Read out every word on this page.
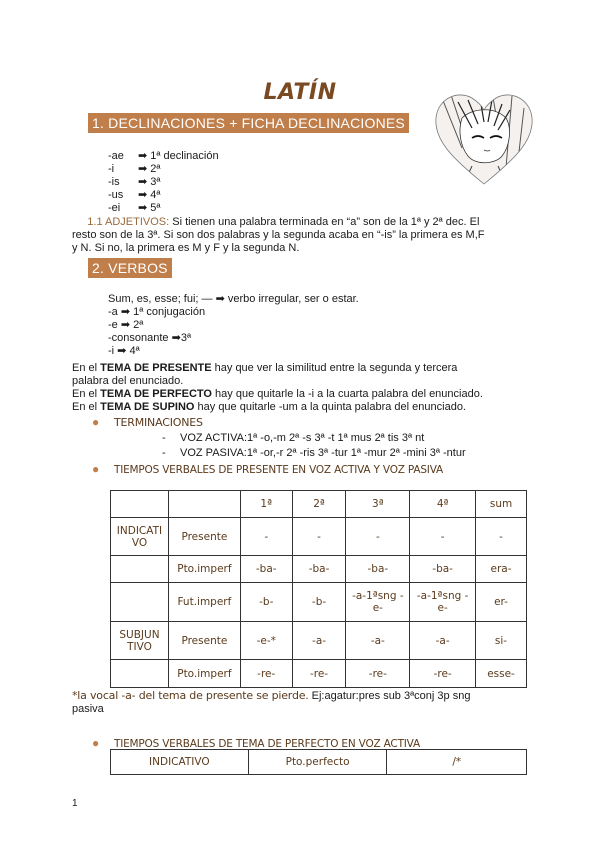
LATÍN
1. DECLINACIONES + FICHA DECLINACIONES
-ae ➡ 1ª declinación
-i ➡ 2ª
-is ➡ 3ª
-us ➡ 4ª
-ei ➡ 5ª
1.1 ADJETIVOS: Si tienen una palabra terminada en “a” son de la 1ª y 2ª dec. El
resto son de la 3ª. Si son dos palabras y la segunda acaba en “-is” la primera es M,F
y N. Si no, la primera es M y F y la segunda N.
2. VERBOS
Sum, es, esse; fui; — ➡ verbo irregular, ser o estar.
-a ➡ 1ª conjugación
-e ➡ 2ª
-consonante ➡3ª
-i ➡ 4ª
En el TEMA DE PRESENTE hay que ver la similitud entre la segunda y tercera
palabra del enunciado.
En el TEMA DE PERFECTO hay que quitarle la -i a la cuarta palabra del enunciado.
En el TEMA DE SUPINO hay que quitarle -um a la quinta palabra del enunciado.
● TERMINACIONES
- VOZ ACTIVA:1ª -o,-m 2ª -s 3ª -t 1ª mus 2ª tis 3ª nt
- VOZ PASIVA:1ª -or,-r 2ª -ris 3ª -tur 1ª -mur 2ª -mini 3ª -ntur
● TIEMPOS VERBALES DE PRESENTE EN VOZ ACTIVA Y VOZ PASIVA
		1ª	2ª	3ª	4ª	sum
INDICATI VO	Presente	-	-	-	-	-
	Pto.imperf	-ba-	-ba-	-ba-	-ba-	era-
	Fut.imperf	-b-	-b-	-a-1ªsng -e-	-a-1ªsng -e-	er-
SUBJUN TIVO	Presente	-e-*	-a-	-a-	-a-	si-
	Pto.imperf	-re-	-re-	-re-	-re-	esse-
*la vocal -a- del tema de presente se pierde. Ej:agatur:pres sub 3ªconj 3p sng
pasiva
● TIEMPOS VERBALES DE TEMA DE PERFECTO EN VOZ ACTIVA
INDICATIVO	Pto.perfecto	/*
1
